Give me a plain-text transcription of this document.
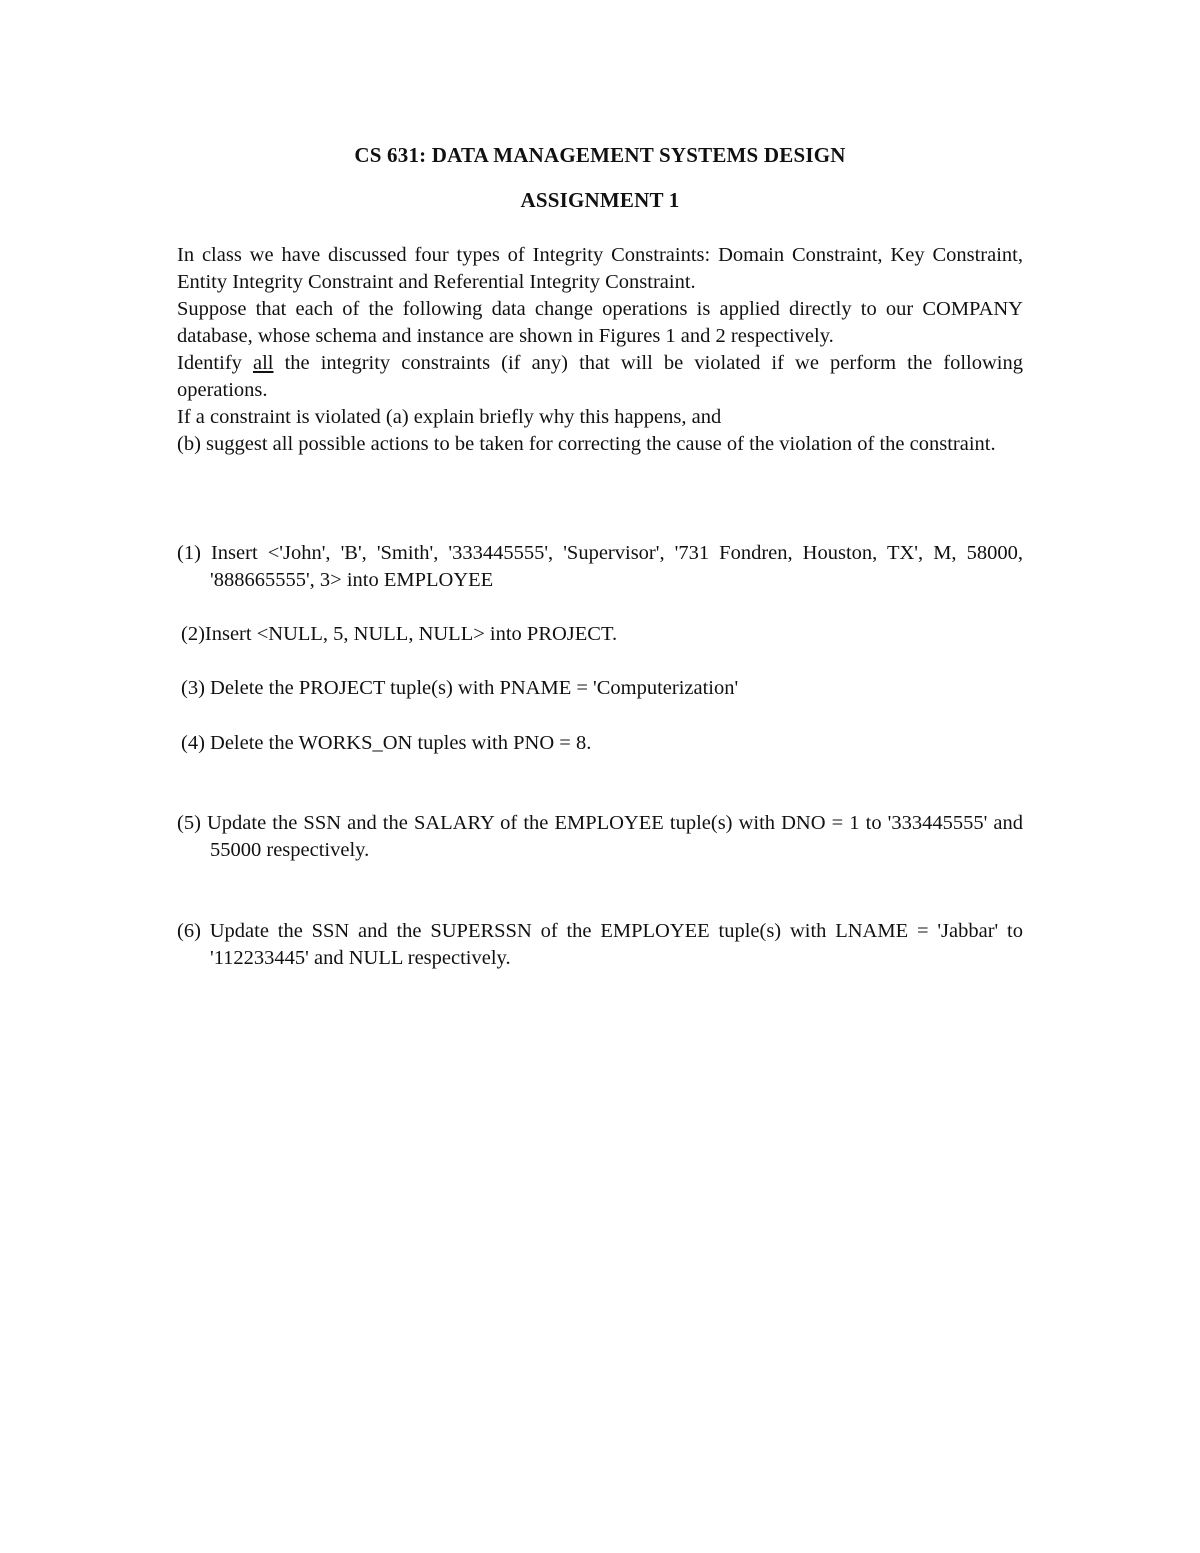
CS 631: DATA MANAGEMENT SYSTEMS DESIGN
ASSIGNMENT 1

In class we have discussed four types of Integrity Constraints: Domain Constraint, Key Constraint, Entity Integrity Constraint and Referential Integrity Constraint.

Suppose that each of the following data change operations is applied directly to our COMPANY database, whose schema and instance are shown in Figures 1 and 2 respectively.

Identify all the integrity constraints (if any) that will be violated if we perform the following operations.

If a constraint is violated (a) explain briefly why this happens, and

(b) suggest all possible actions to be taken for correcting the cause of the violation of the constraint.

(1) Insert <'John', 'B', 'Smith', '333445555', 'Supervisor', '731 Fondren, Houston, TX', M, 58000, '888665555', 3> into EMPLOYEE
(2)Insert <NULL, 5, NULL, NULL> into PROJECT.
(3) Delete the PROJECT tuple(s) with PNAME = 'Computerization'
(4) Delete the WORKS_ON tuples with PNO = 8.
(5) Update the SSN and the SALARY of the EMPLOYEE tuple(s) with DNO = 1 to '333445555' and 55000 respectively.
(6) Update the SSN and the SUPERSSN of the EMPLOYEE tuple(s) with LNAME = 'Jabbar' to '112233445' and NULL respectively.
